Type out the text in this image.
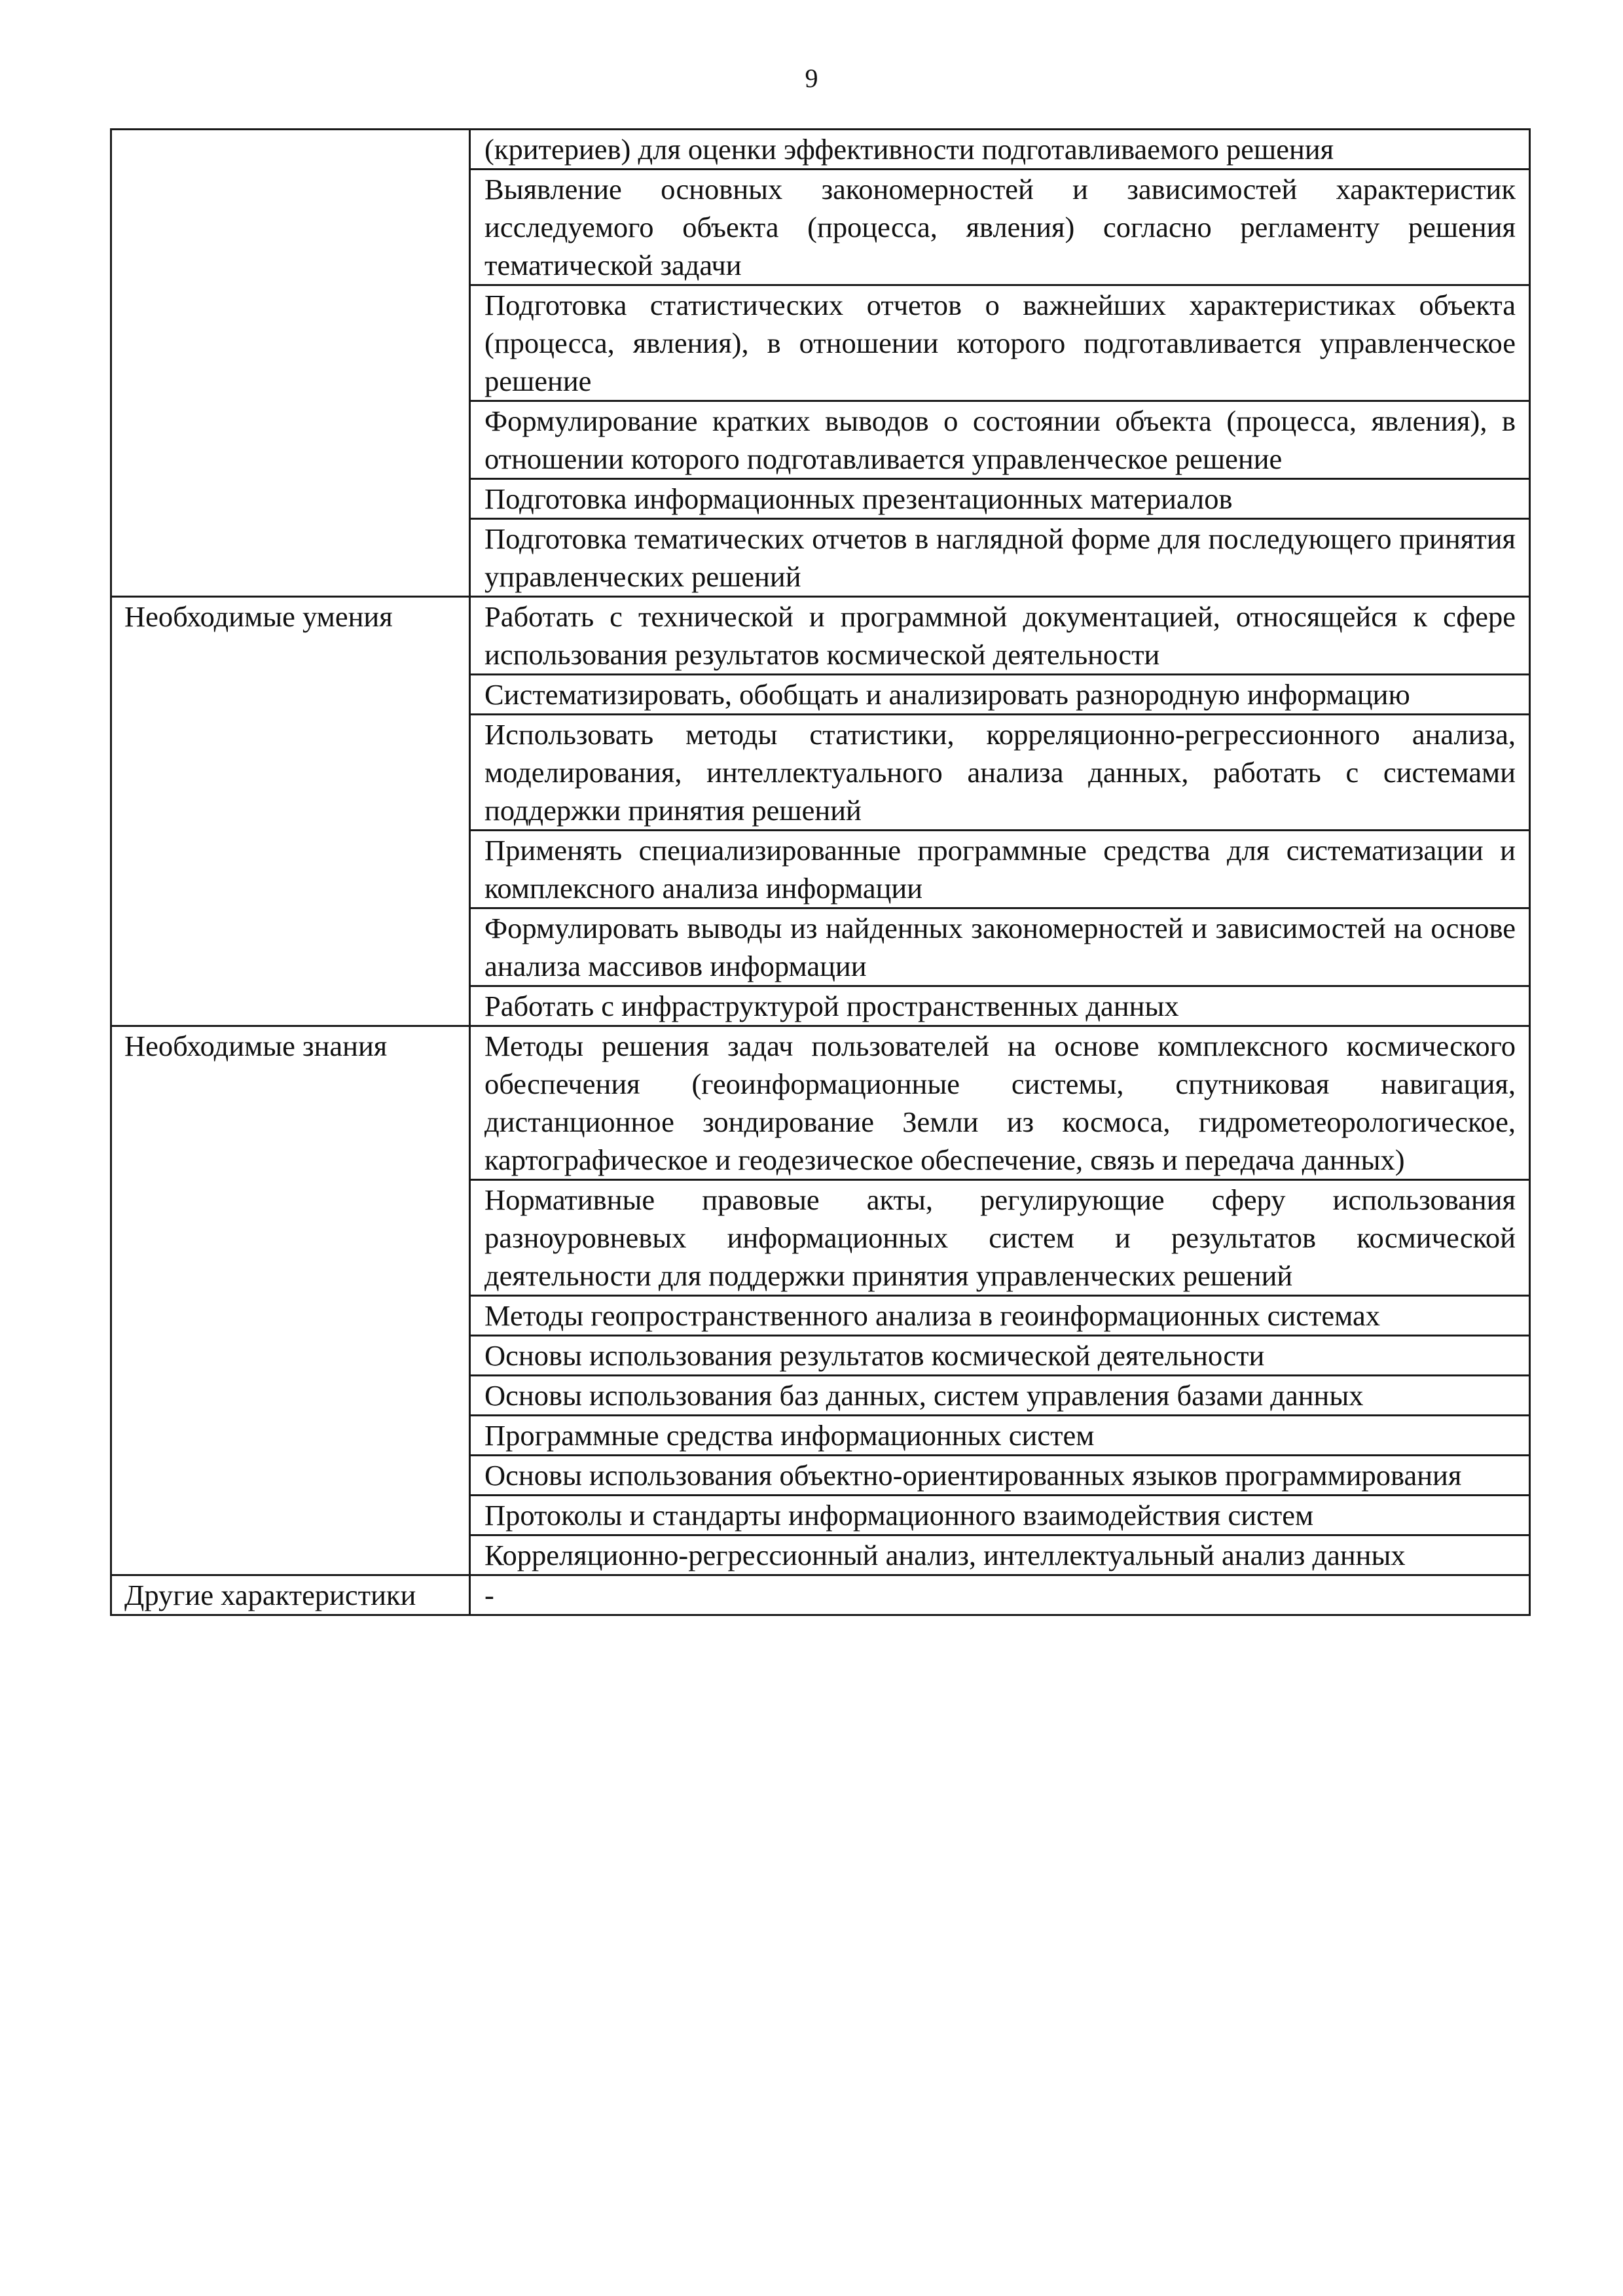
9
	(критериев) для оценки эффективности подготавливаемого решения
	Выявление основных закономерностей и зависимостей характеристик исследуемого объекта (процесса, явления) согласно регламенту решения тематической задачи
	Подготовка статистических отчетов о важнейших характеристиках объекта (процесса, явления), в отношении которого подготавливается управленческое решение
	Формулирование кратких выводов о состоянии объекта (процесса, явления), в отношении которого подготавливается управленческое решение
	Подготовка информационных презентационных материалов
	Подготовка тематических отчетов в наглядной форме для последующего принятия управленческих решений
Необходимые умения	Работать с технической и программной документацией, относящейся к сфере использования результатов космической деятельности
	Систематизировать, обобщать и анализировать разнородную информацию
	Использовать методы статистики, корреляционно-регрессионного анализа, моделирования, интеллектуального анализа данных, работать с системами поддержки принятия решений
	Применять специализированные программные средства для систематизации и комплексного анализа информации
	Формулировать выводы из найденных закономерностей и зависимостей на основе анализа массивов информации
	Работать с инфраструктурой пространственных данных
Необходимые знания	Методы решения задач пользователей на основе комплексного космического обеспечения (геоинформационные системы, спутниковая навигация, дистанционное зондирование Земли из космоса, гидрометеорологическое, картографическое и геодезическое обеспечение, связь и передача данных)
	Нормативные правовые акты, регулирующие сферу использования разноуровневых информационных систем и результатов космической деятельности для поддержки принятия управленческих решений
	Методы геопространственного анализа в геоинформационных системах
	Основы использования результатов космической деятельности
	Основы использования баз данных, систем управления базами данных
	Программные средства информационных систем
	Основы использования объектно-ориентированных языков программирования
	Протоколы и стандарты информационного взаимодействия систем
	Корреляционно-регрессионный анализ, интеллектуальный анализ данных
Другие характеристики	-
